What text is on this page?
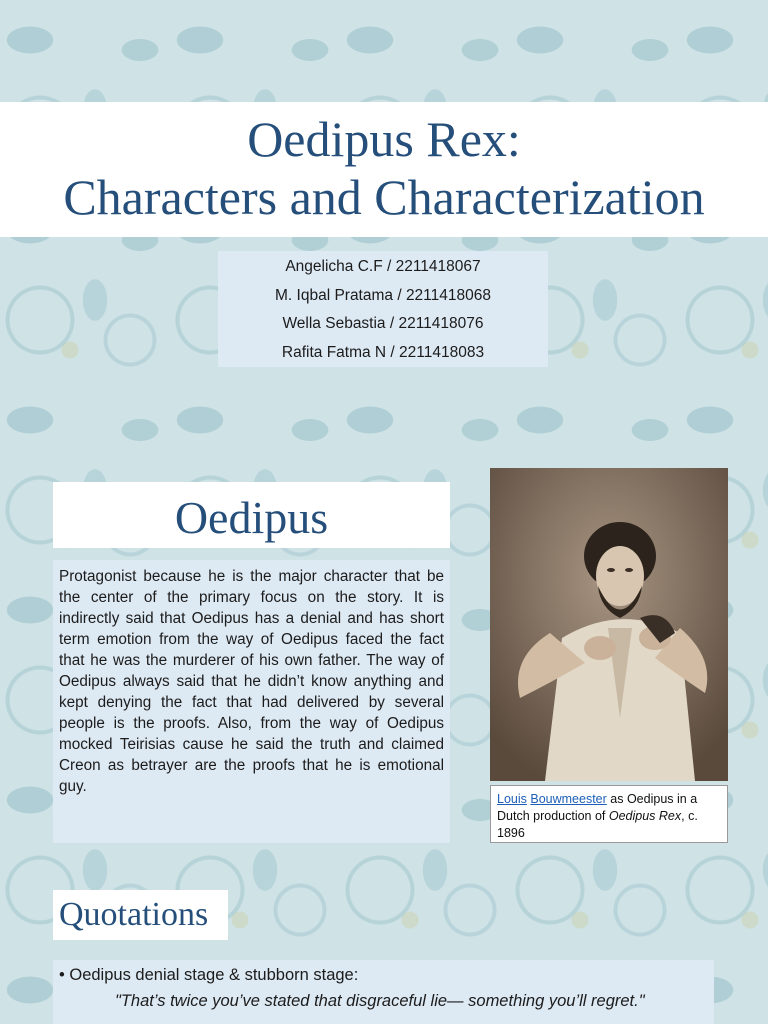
Oedipus Rex:

Characters and Characterization

Angelicha C.F / 2211418067
M. Iqbal Pratama / 2211418068
Wella Sebastia / 2211418076
Rafita Fatma N / 2211418083
Oedipus
Protagonist because he is the major character that be the center of the primary focus on the story. It is indirectly said that Oedipus has a denial and has short term emotion from the way of Oedipus faced the fact that he was the murderer of his own father. The way of Oedipus always said that he didn’t know anything and kept denying the fact that had delivered by several people is the proofs. Also, from the way of Oedipus mocked Teirisias cause he said the truth and claimed Creon as betrayer are the proofs that he is emotional guy.
Louis Bouwmeester as Oedipus in a Dutch production of Oedipus Rex, c. 1896
Quotations
• Oedipus denial stage & stubborn stage:
"That’s twice you’ve stated that disgraceful lie— something you’ll regret."
